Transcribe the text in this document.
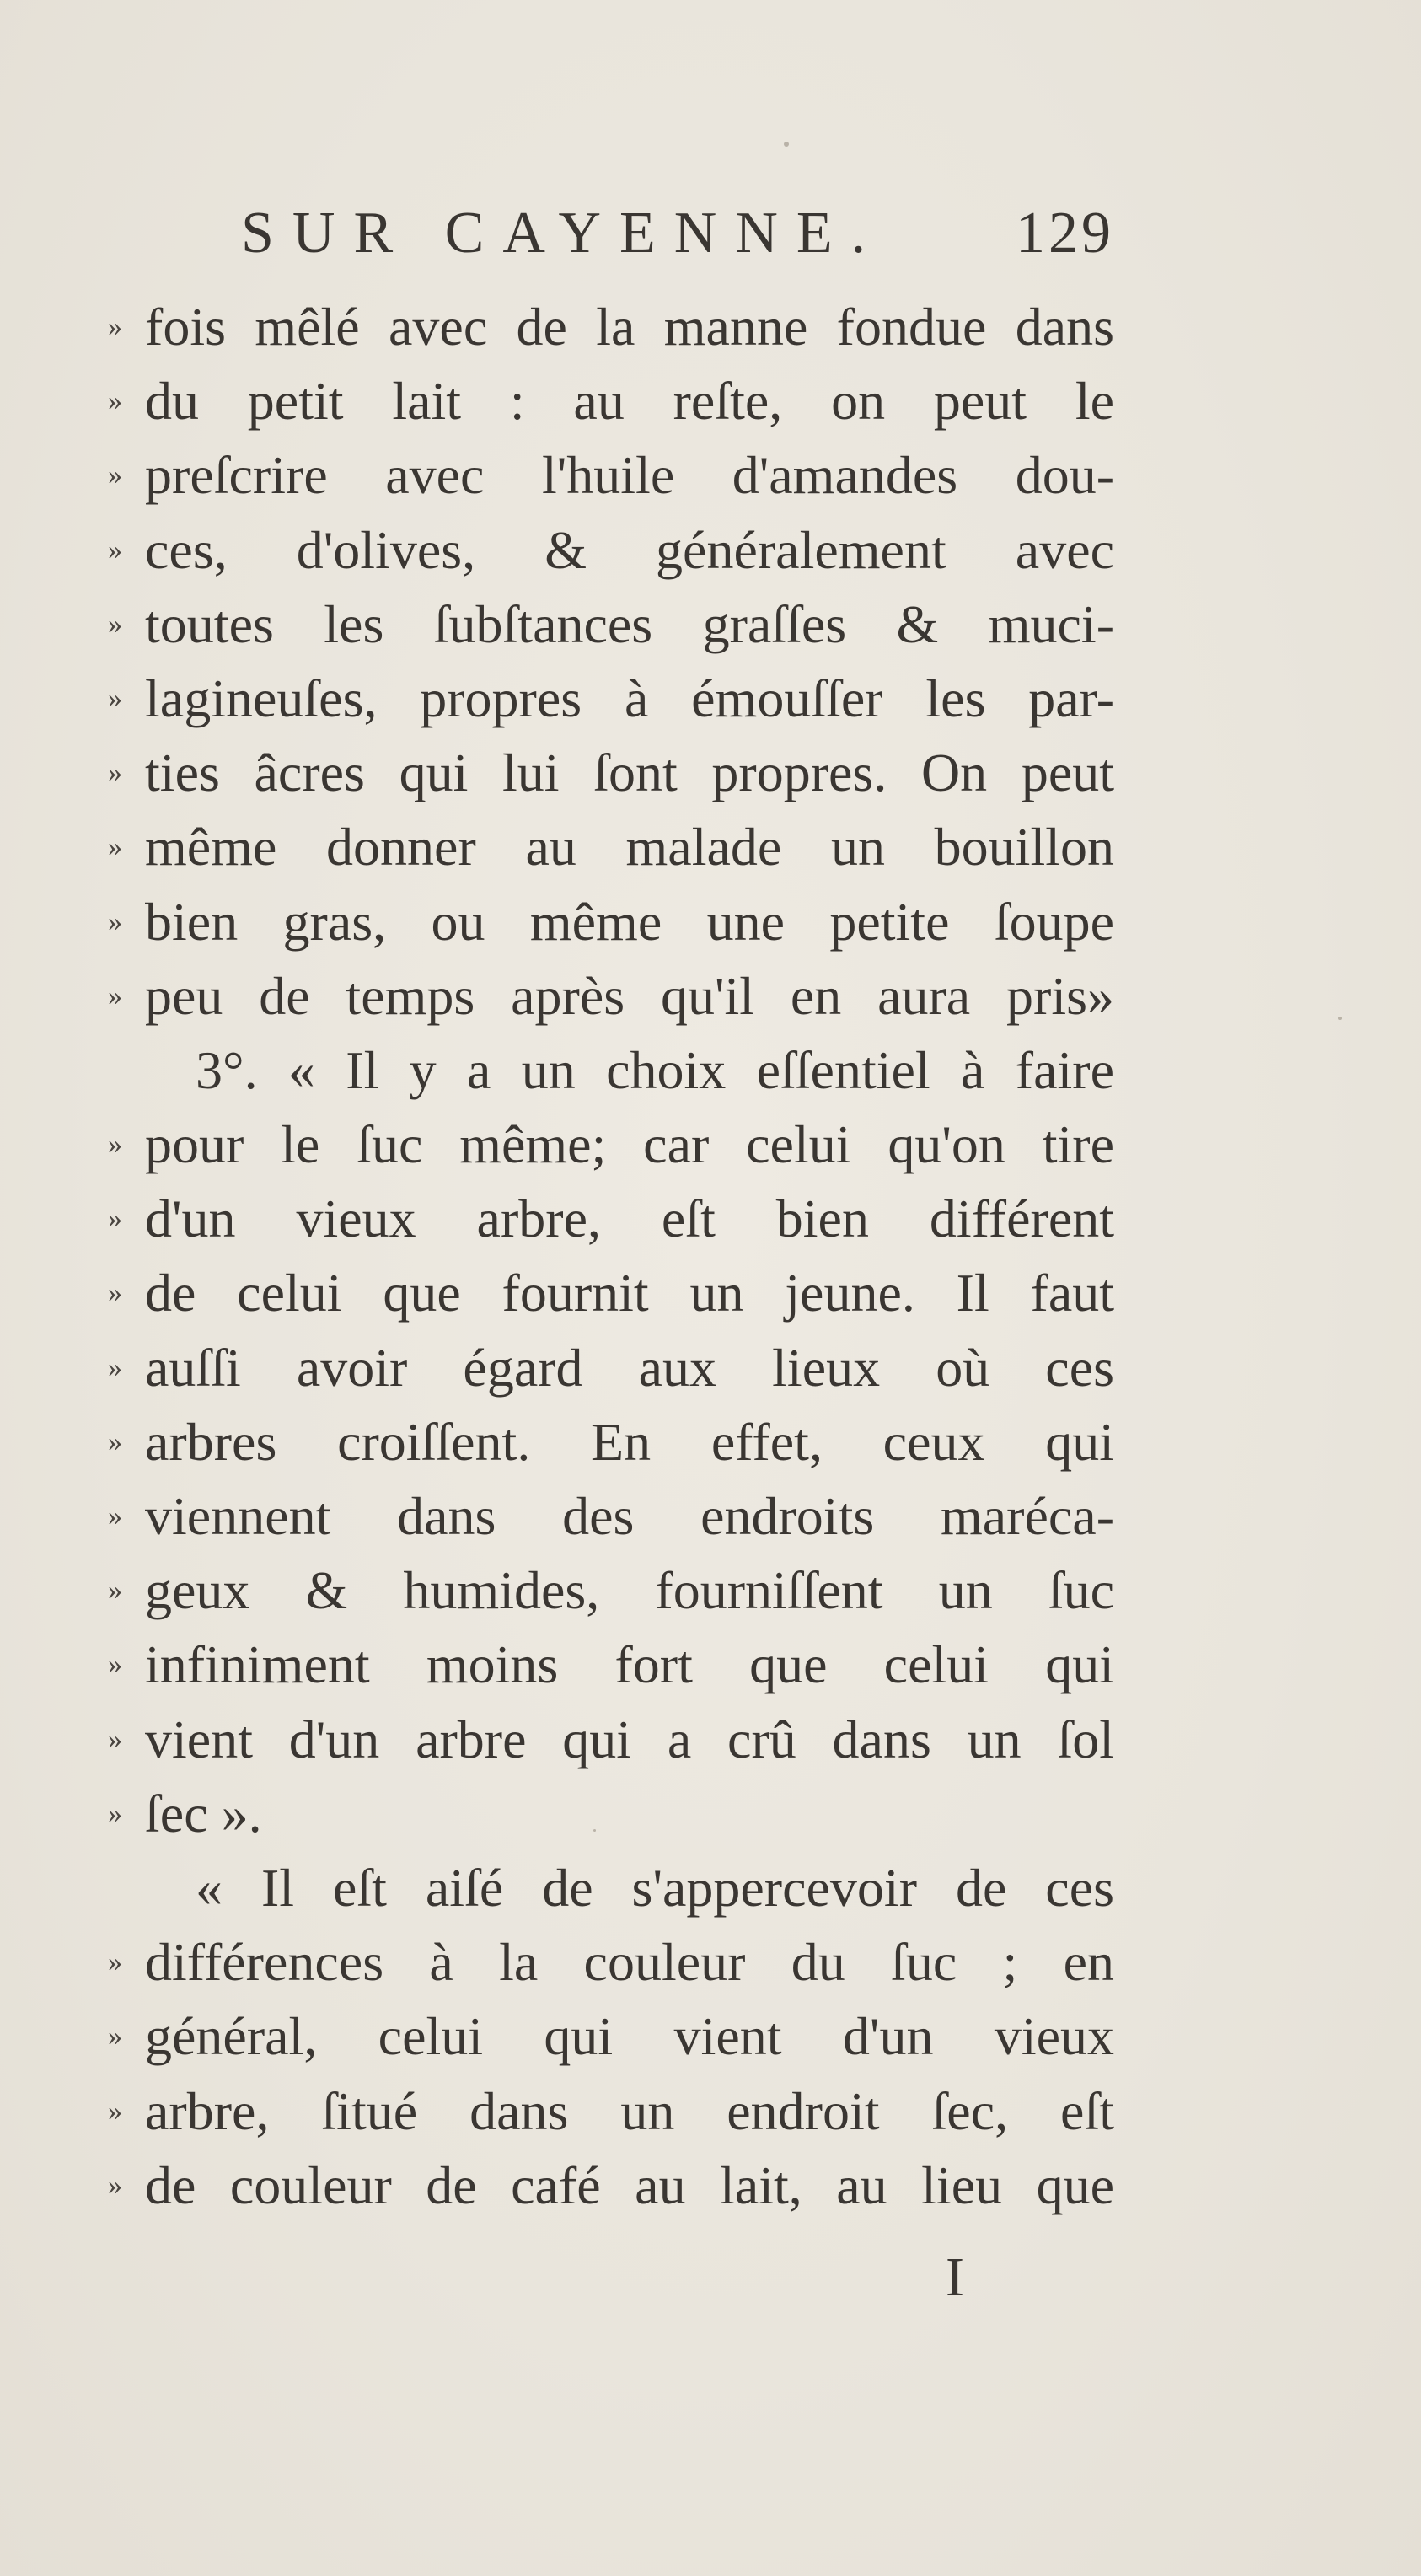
SUR CAYENNE. 129
» fois mêlé avec de la manne fondue dans
» du petit lait : au reſte, on peut le
» preſcrire avec l'huile d'amandes dou-
» ces, d'olives, & généralement avec
» toutes les ſubſtances graſſes & muci-
» lagineuſes, propres à émouſſer les par-
» ties âcres qui lui ſont propres. On peut
» même donner au malade un bouillon
» bien gras, ou même une petite ſoupe
» peu de temps après qu'il en aura pris»
3°. « Il y a un choix eſſentiel à faire
» pour le ſuc même; car celui qu'on tire
» d'un vieux arbre, eſt bien différent
» de celui que fournit un jeune. Il faut
» auſſi avoir égard aux lieux où ces
» arbres croiſſent. En effet, ceux qui
» viennent dans des endroits maréca-
» geux & humides, fourniſſent un ſuc
» infiniment moins fort que celui qui
» vient d'un arbre qui a crû dans un ſol
» ſec ».
« Il eſt aiſé de s'appercevoir de ces
» différences à la couleur du ſuc ; en
» général, celui qui vient d'un vieux
» arbre, ſitué dans un endroit ſec, eſt
» de couleur de café au lait, au lieu que
I
